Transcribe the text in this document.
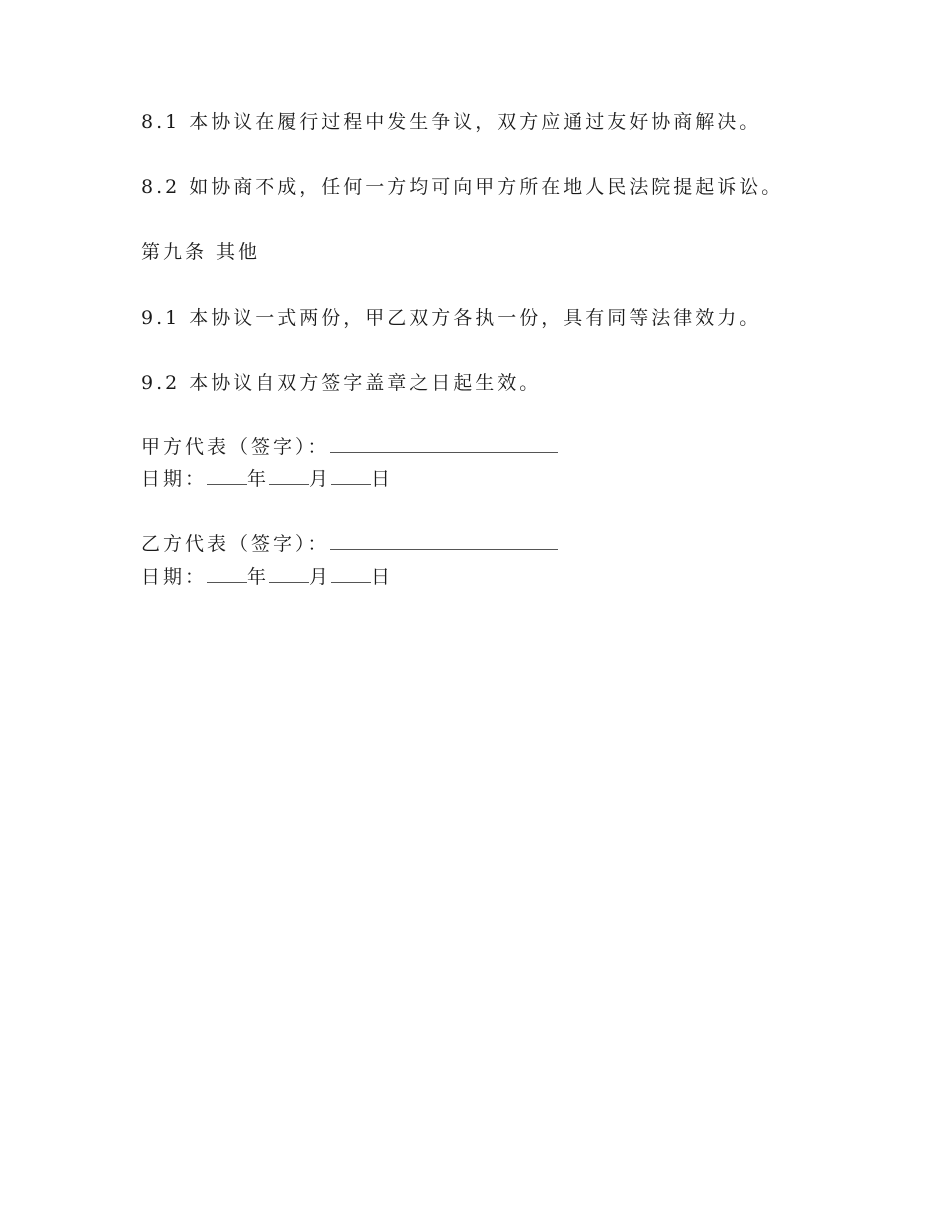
8.1 本协议在履行过程中发生争议，双方应通过友好协商解决。
8.2 如协商不成，任何一方均可向甲方所在地人民法院提起诉讼。
第九条 其他
9.1 本协议一式两份，甲乙双方各执一份，具有同等法律效力。
9.2 本协议自双方签字盖章之日起生效。
甲方代表（签字）：
日期： 年 月 日
乙方代表（签字）：
日期： 年 月 日
